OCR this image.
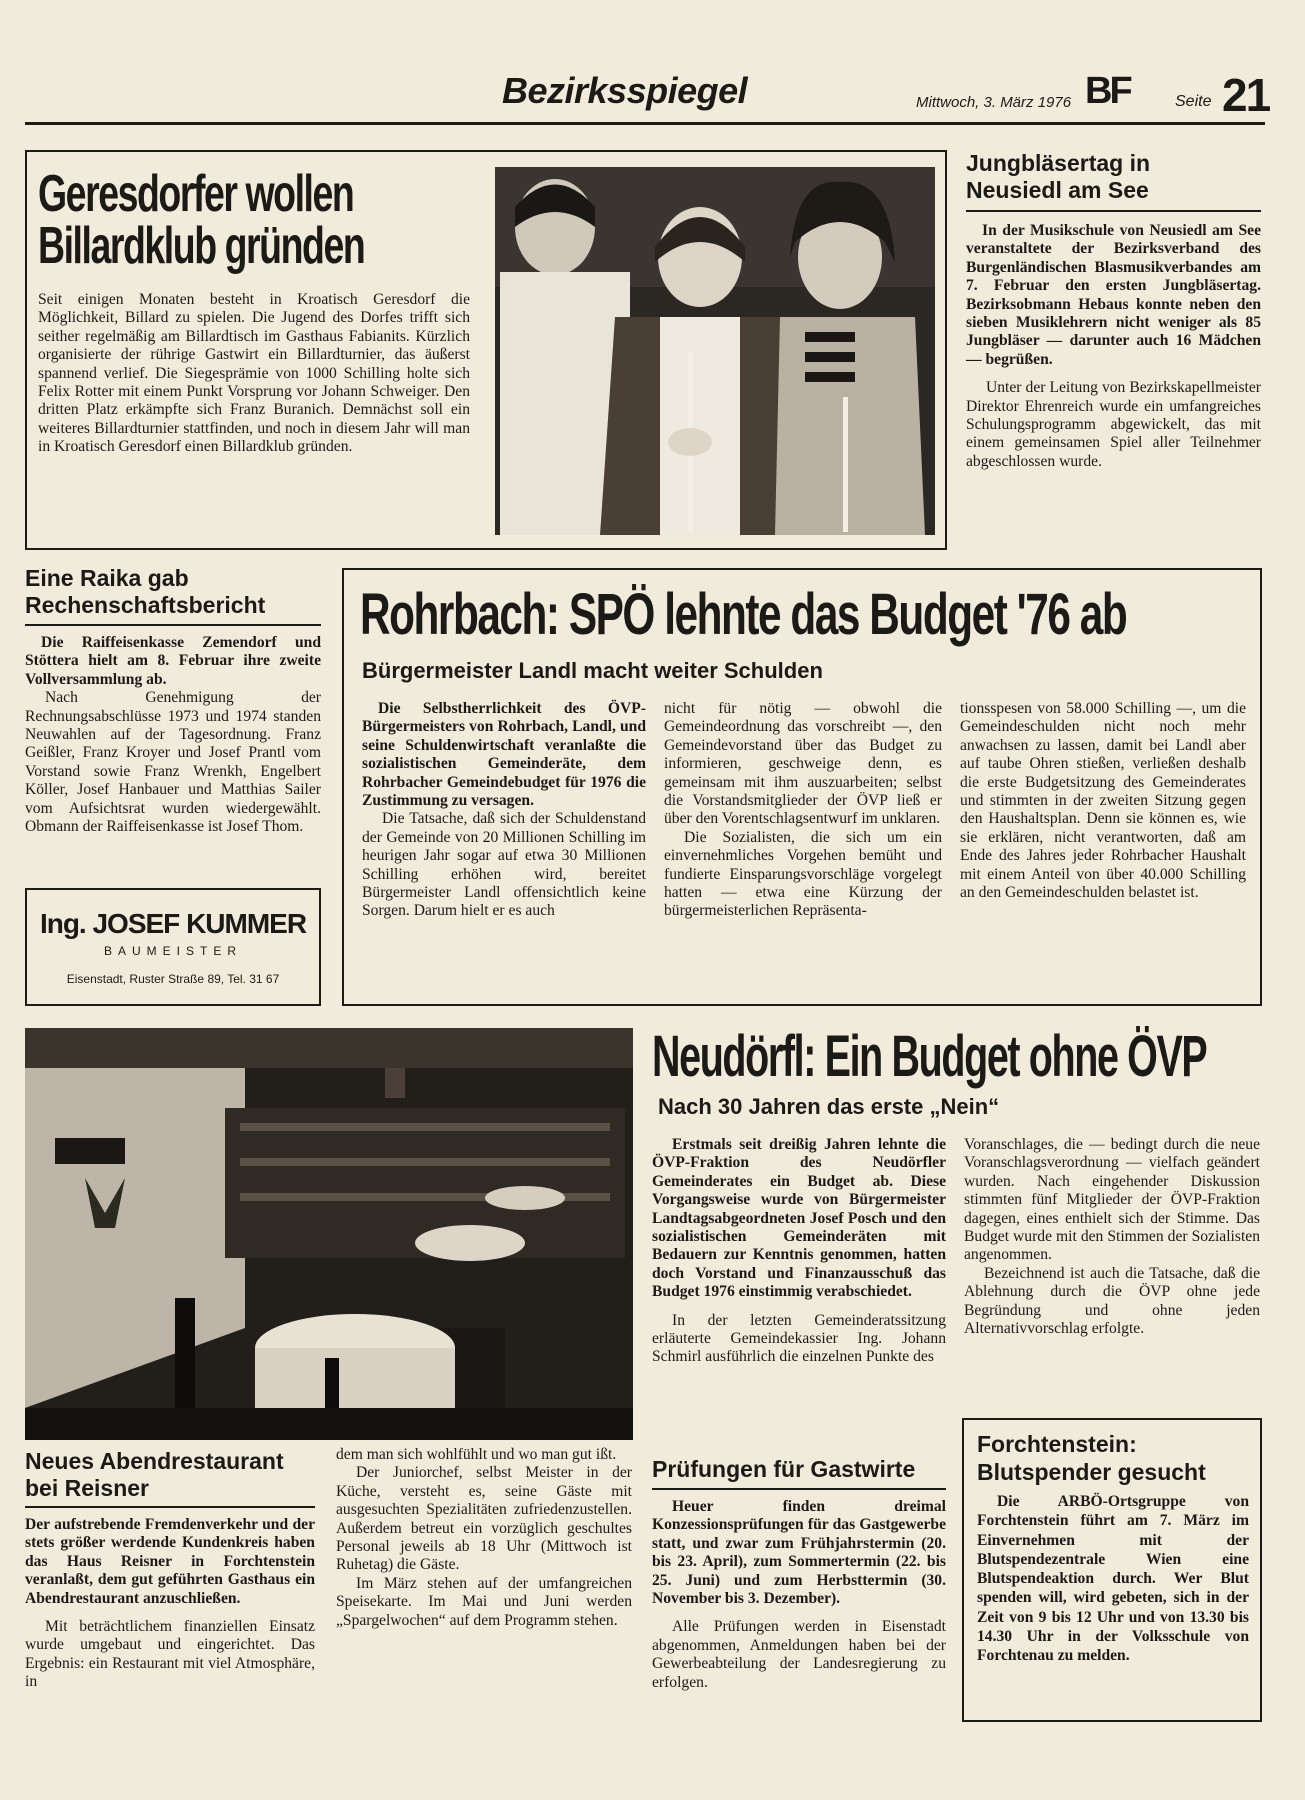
Bezirksspiegel	Mittwoch, 3. März 1976 BF	Seite 21
Geresdorfer wollen
Billardklub gründen

Seit einigen Monaten besteht in Kroatisch Geresdorf die Möglichkeit, Billard zu spielen. Die Jugend des Dorfes trifft sich seither regelmäßig am Billardtisch im Gasthaus Fabianits. Kürzlich organisierte der rührige Gastwirt ein Billardturnier, das äußerst spannend verlief. Die Siegesprämie von 1000 Schilling holte sich Felix Rotter mit einem Punkt Vorsprung vor Johann Schweiger. Den dritten Platz erkämpfte sich Franz Buranich. Demnächst soll ein weiteres Billardturnier stattfinden, und noch in diesem Jahr will man in Kroatisch Geresdorf einen Billardklub gründen.

Jungbläsertag in
Neusiedl am See

In der Musikschule von Neusiedl am See veranstaltete der Bezirksverband des Burgenländischen Blasmusikverbandes am 7. Februar den ersten Jungbläsertag. Bezirksobmann Hebaus konnte neben den sieben Musiklehrern nicht weniger als 85 Jungbläser — darunter auch 16 Mädchen — begrüßen.

Unter der Leitung von Bezirkskapellmeister Direktor Ehrenreich wurde ein umfangreiches Schulungsprogramm abgewickelt, das mit einem gemeinsamen Spiel aller Teilnehmer abgeschlossen wurde.

Eine Raika gab
Rechenschaftsbericht

Die Raiffeisenkasse Zemendorf und Stöttera hielt am 8. Februar ihre zweite Vollversammlung ab.

Nach Genehmigung der Rechnungsabschlüsse 1973 und 1974 standen Neuwahlen auf der Tagesordnung. Franz Geißler, Franz Kroyer und Josef Prantl vom Vorstand sowie Franz Wrenkh, Engelbert Köller, Josef Hanbauer und Matthias Sailer vom Aufsichtsrat wurden wiedergewählt. Obmann der Raiffeisenkasse ist Josef Thom.

Ing. JOSEF KUMMER
BAUMEISTER
Eisenstadt, Ruster Straße 89, Tel. 31 67
Rohrbach: SPÖ lehnte das Budget '76 ab
Bürgermeister Landl macht weiter Schulden

Die Selbstherrlichkeit des ÖVP-Bürgermeisters von Rohrbach, Landl, und seine Schuldenwirtschaft veranlaßte die sozialistischen Gemeinderäte, dem Rohrbacher Gemeindebudget für 1976 die Zustimmung zu versagen.

Die Tatsache, daß sich der Schuldenstand der Gemeinde von 20 Millionen Schilling im heurigen Jahr sogar auf etwa 30 Millionen Schilling erhöhen wird, bereitet Bürgermeister Landl offensichtlich keine Sorgen. Darum hielt er es auch

nicht für nötig — obwohl die Gemeindeordnung das vorschreibt —, den Gemeindevorstand über das Budget zu informieren, geschweige denn, es gemeinsam mit ihm auszuarbeiten; selbst die Vorstandsmitglieder der ÖVP ließ er über den Vorentschlagsentwurf im unklaren.

Die Sozialisten, die sich um ein einvernehmliches Vorgehen bemüht und fundierte Einsparungsvorschläge vorgelegt hatten — etwa eine Kürzung der bürgermeisterlichen Repräsenta-

tionsspesen von 58.000 Schilling —, um die Gemeindeschulden nicht noch mehr anwachsen zu lassen, damit bei Landl aber auf taube Ohren stießen, verließen deshalb die erste Budgetsitzung des Gemeinderates und stimmten in der zweiten Sitzung gegen den Haushaltsplan. Denn sie können es, wie sie erklären, nicht verantworten, daß am Ende des Jahres jeder Rohrbacher Haushalt mit einem Anteil von über 40.000 Schilling an den Gemeindeschulden belastet ist.

Neues Abendrestaurant
bei Reisner

Der aufstrebende Fremdenverkehr und der stets größer werdende Kundenkreis haben das Haus Reisner in Forchtenstein veranlaßt, dem gut geführten Gasthaus ein Abendrestaurant anzuschließen.

Mit beträchtlichem finanziellen Einsatz wurde umgebaut und eingerichtet. Das Ergebnis: ein Restaurant mit viel Atmosphäre, in

dem man sich wohlfühlt und wo man gut ißt.

Der Juniorchef, selbst Meister in der Küche, versteht es, seine Gäste mit ausgesuchten Spezialitäten zufriedenzustellen. Außerdem betreut ein vorzüglich geschultes Personal jeweils ab 18 Uhr (Mittwoch ist Ruhetag) die Gäste.

Im März stehen auf der umfangreichen Speisekarte. Im Mai und Juni werden „Spargelwochen“ auf dem Programm stehen.

Neudörfl: Ein Budget ohne ÖVP
Nach 30 Jahren das erste „Nein“

Erstmals seit dreißig Jahren lehnte die ÖVP-Fraktion des Neudörfler Gemeinderates ein Budget ab. Diese Vorgangsweise wurde von Bürgermeister Landtagsabgeordneten Josef Posch und den sozialistischen Gemeinderäten mit Bedauern zur Kenntnis genommen, hatten doch Vorstand und Finanzausschuß das Budget 1976 einstimmig verabschiedet.

In der letzten Gemeinderatssitzung erläuterte Gemeindekassier Ing. Johann Schmirl ausführlich die einzelnen Punkte des

Voranschlages, die — bedingt durch die neue Voranschlagsverordnung — vielfach geändert wurden. Nach eingehender Diskussion stimmten fünf Mitglieder der ÖVP-Fraktion dagegen, eines enthielt sich der Stimme. Das Budget wurde mit den Stimmen der Sozialisten angenommen.

Bezeichnend ist auch die Tatsache, daß die Ablehnung durch die ÖVP ohne jede Begründung und ohne jeden Alternativvorschlag erfolgte.

Prüfungen für Gastwirte

Heuer finden dreimal Konzessionsprüfungen für das Gastgewerbe statt, und zwar zum Frühjahrstermin (20. bis 23. April), zum Sommertermin (22. bis 25. Juni) und zum Herbsttermin (30. November bis 3. Dezember).

Alle Prüfungen werden in Eisenstadt abgenommen, Anmeldungen haben bei der Gewerbeabteilung der Landesregierung zu erfolgen.

Forchtenstein:
Blutspender gesucht

Die ARBÖ-Ortsgruppe von Forchtenstein führt am 7. März im Einvernehmen mit der Blutspendezentrale Wien eine Blutspendeaktion durch. Wer Blut spenden will, wird gebeten, sich in der Zeit von 9 bis 12 Uhr und von 13.30 bis 14.30 Uhr in der Volksschule von Forchtenau zu melden.
